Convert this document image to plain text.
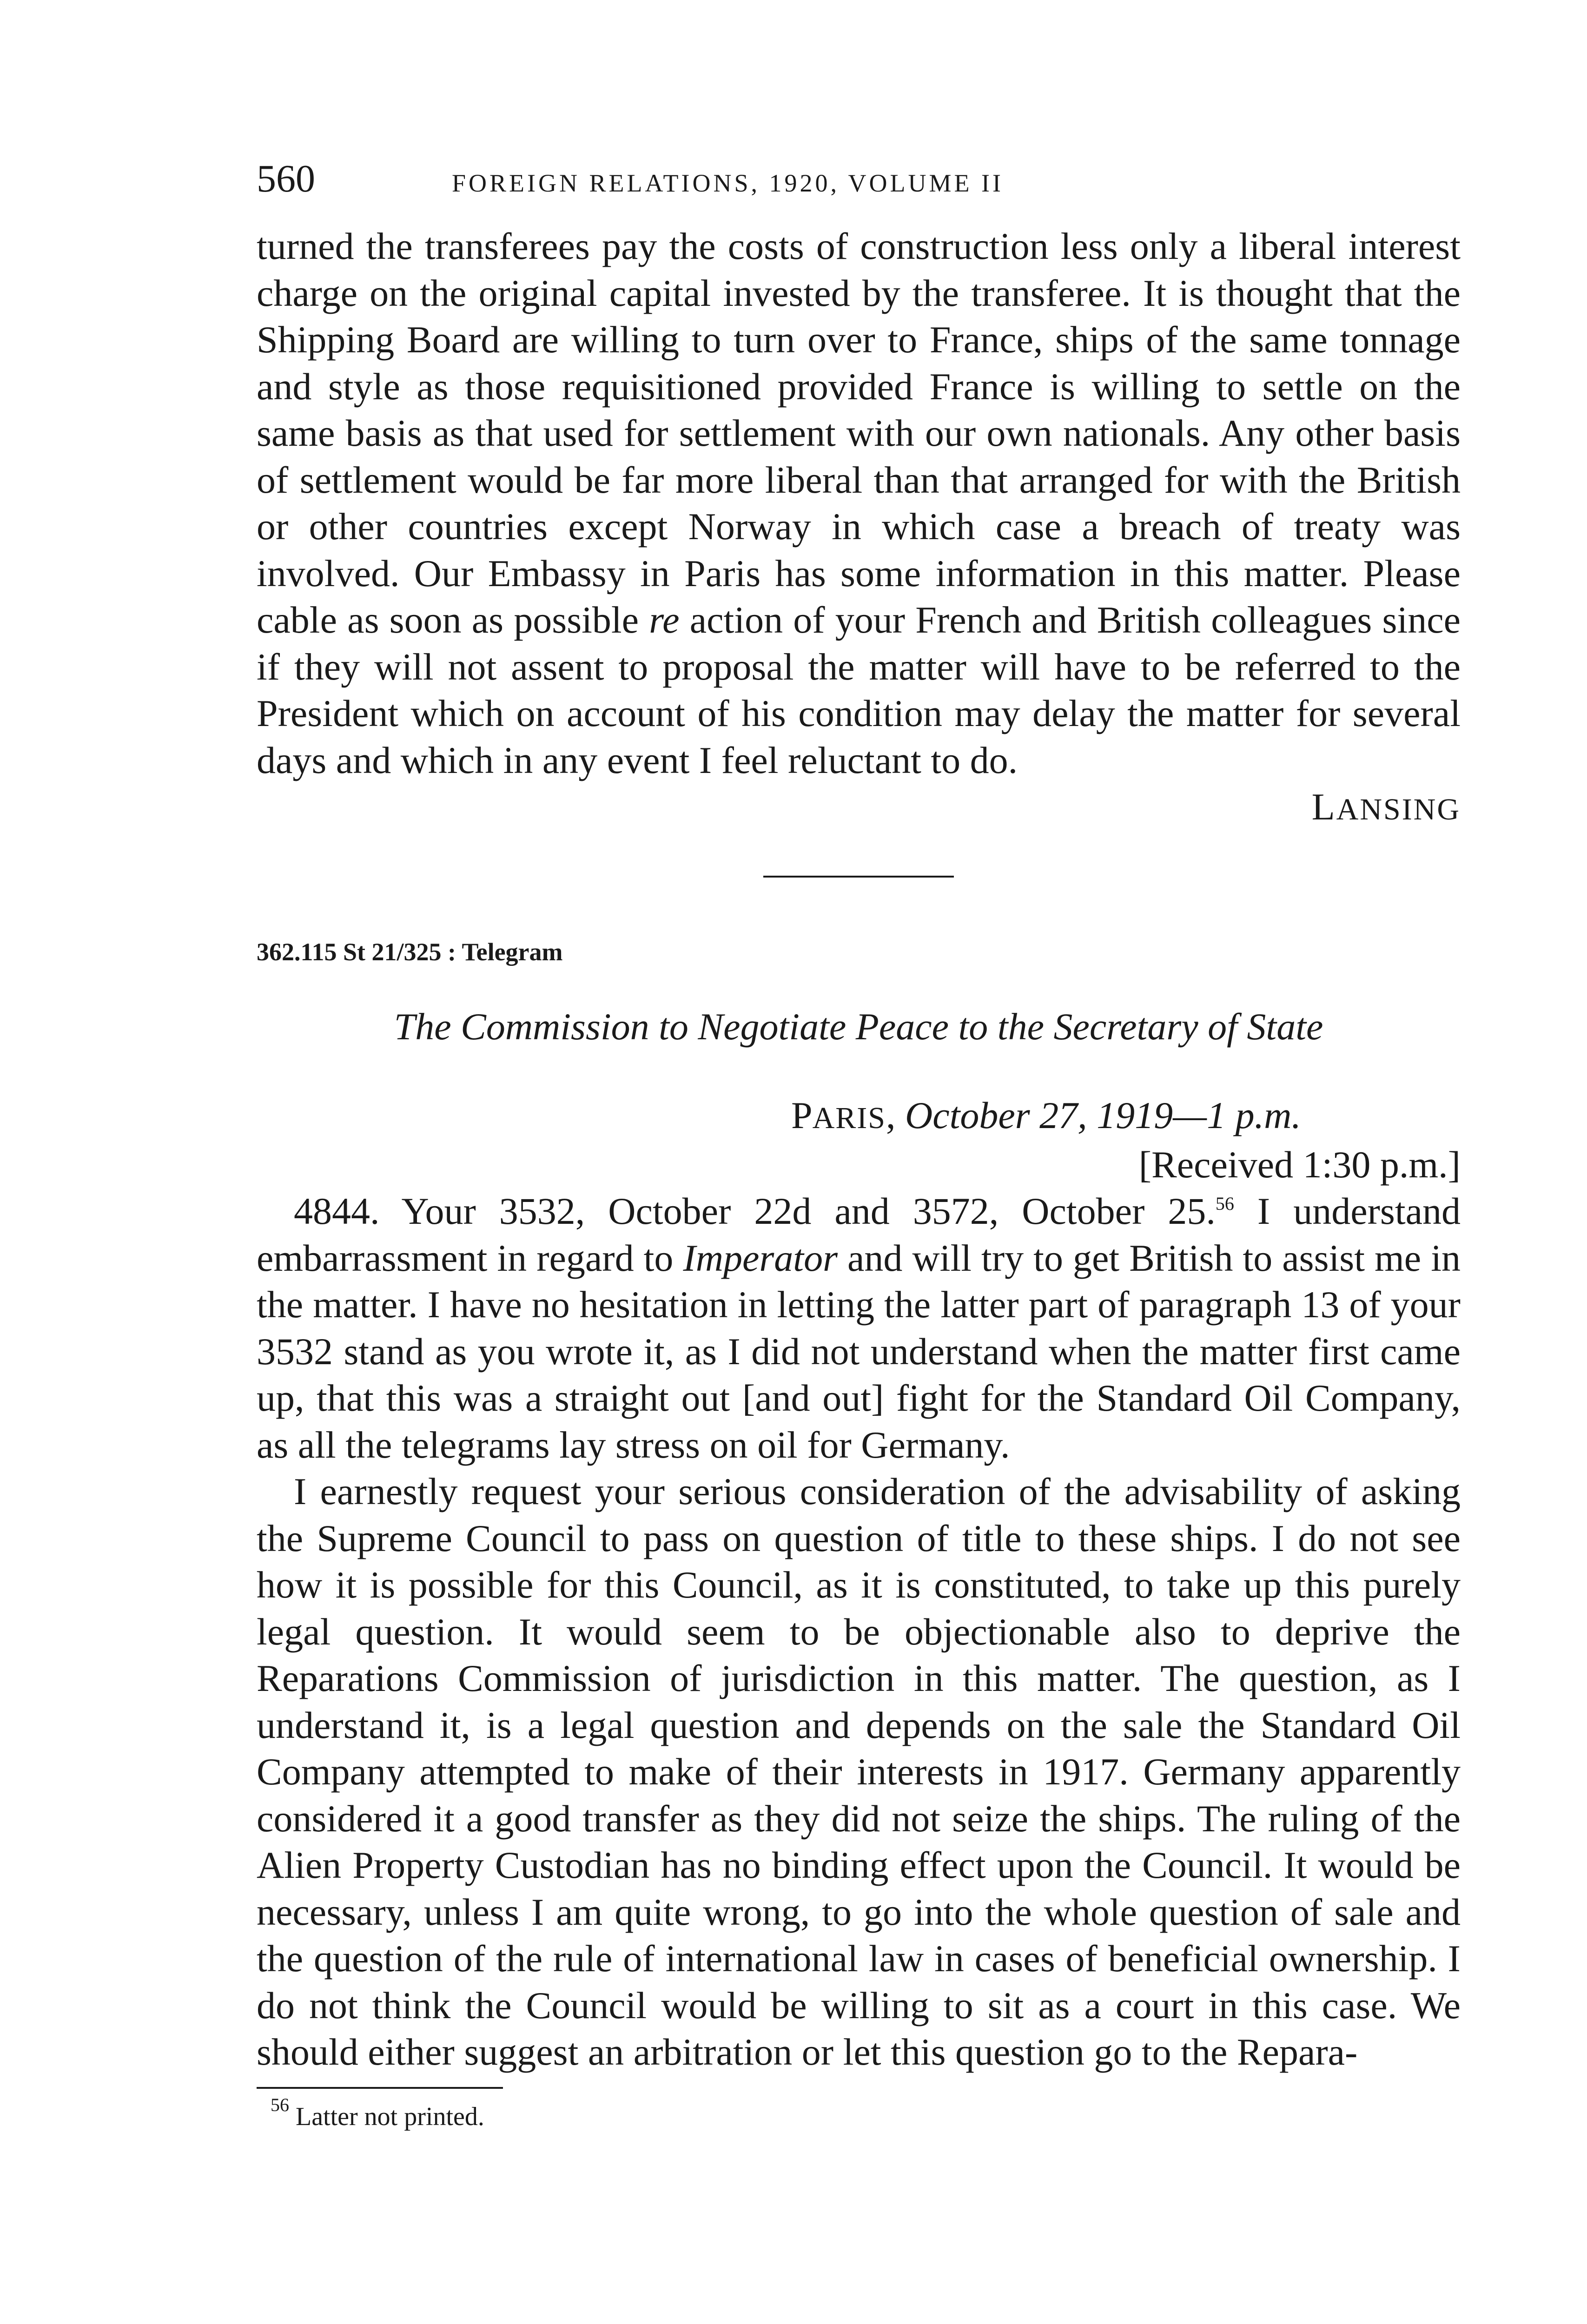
560	FOREIGN RELATIONS, 1920, VOLUME II

turned the transferees pay the costs of construction less only a liberal interest charge on the original capital invested by the transferee. It is thought that the Shipping Board are willing to turn over to France, ships of the same tonnage and style as those requisitioned provided France is willing to settle on the same basis as that used for settlement with our own nationals. Any other basis of settlement would be far more liberal than that arranged for with the British or other countries except Norway in which case a breach of treaty was involved. Our Embassy in Paris has some information in this matter. Please cable as soon as possible re action of your French and British colleagues since if they will not assent to proposal the matter will have to be referred to the President which on account of his condition may delay the matter for several days and which in any event I feel reluctant to do.

LANSING

362.115 St 21/325 : Telegram
The Commission to Negotiate Peace to the Secretary of State
PARIS, October 27, 1919—1 p.m.
[Received 1:30 p.m.]

4844. Your 3532, October 22d and 3572, October 25.56 I understand embarrassment in regard to Imperator and will try to get British to assist me in the matter. I have no hesitation in letting the latter part of paragraph 13 of your 3532 stand as you wrote it, as I did not understand when the matter first came up, that this was a straight out [and out] fight for the Standard Oil Company, as all the telegrams lay stress on oil for Germany.

I earnestly request your serious consideration of the advisability of asking the Supreme Council to pass on question of title to these ships. I do not see how it is possible for this Council, as it is constituted, to take up this purely legal question. It would seem to be objectionable also to deprive the Reparations Commission of jurisdiction in this matter. The question, as I understand it, is a legal question and depends on the sale the Standard Oil Company attempted to make of their interests in 1917. Germany apparently considered it a good transfer as they did not seize the ships. The ruling of the Alien Property Custodian has no binding effect upon the Council. It would be necessary, unless I am quite wrong, to go into the whole question of sale and the question of the rule of international law in cases of beneficial ownership. I do not think the Council would be willing to sit as a court in this case. We should either suggest an arbitration or let this question go to the Repara-

$^{56}$ Latter not printed.
